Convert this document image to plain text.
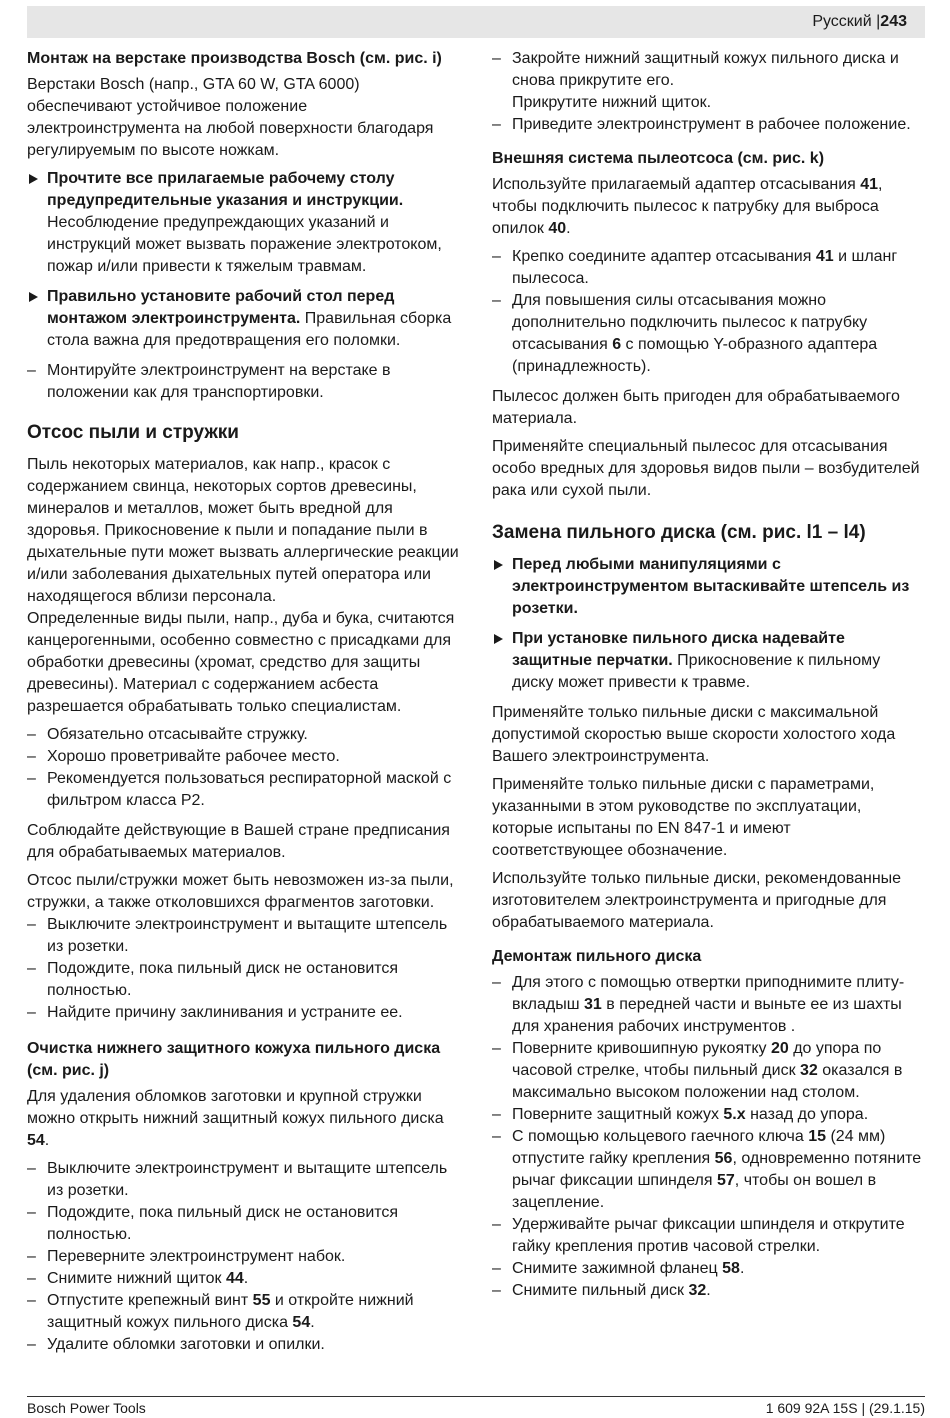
Русский |243

Монтаж на верстаке производства Bosch (см. рис. i)

Верстаки Bosch (напр., GTA 60 W, GTA 6000) обеспечивают устойчивое положение электроинструмента на любой поверхности благодаря регулируемым по высоте ножкам.

Прочтите все прилагаемые рабочему столу предупредительные указания и инструкции. Несоблюдение предупреждающих указаний и инструкций может вызвать поражение электротоком, пожар и/или привести к тяжелым травмам.
Правильно установите рабочий стол перед монтажом электроинструмента. Правильная сборка стола важна для предотвращения его поломки.
– Монтируйте электроинструмент на верстаке в положении как для транспортировки.
Отсос пыли и стружки

Пыль некоторых материалов, как напр., красок с содержанием свинца, некоторых сортов древесины, минералов и металлов, может быть вредной для здоровья. Прикосновение к пыли и попадание пыли в дыхательные пути может вызвать аллергические реакции и/или заболевания дыхательных путей оператора или находящегося вблизи персонала.

Определенные виды пыли, напр., дуба и бука, считаются канцерогенными, особенно совместно с присадками для обработки древесины (хромат, средство для защиты древесины). Материал с содержанием асбеста разрешается обрабатывать только специалистам.

– Обязательно отсасывайте стружку.
– Хорошо проветривайте рабочее место.
– Рекомендуется пользоваться респираторной маской с фильтром класса Р2.

Соблюдайте действующие в Вашей стране предписания для обрабатываемых материалов.

Отсос пыли/стружки может быть невозможен из-за пыли, стружки, а также отколовшихся фрагментов заготовки.

– Выключите электроинструмент и вытащите штепсель из розетки.
– Подождите, пока пильный диск не остановится полностью.
– Найдите причину заклинивания и устраните ее.

Очистка нижнего защитного кожуха пильного диска (см. рис. j)

Для удаления обломков заготовки и крупной стружки можно открыть нижний защитный кожух пильного диска 54.

– Выключите электроинструмент и вытащите штепсель из розетки.
– Подождите, пока пильный диск не остановится полностью.
– Переверните электроинструмент набок.
– Снимите нижний щиток 44.
– Отпустите крепежный винт 55 и откройте нижний защитный кожух пильного диска 54.
– Удалите обломки заготовки и опилки.
– Закройте нижний защитный кожух пильного диска и снова прикрутите его.
Прикрутите нижний щиток.
– Приведите электроинструмент в рабочее положение.

Внешняя система пылеотсоса (см. рис. k)

Используйте прилагаемый адаптер отсасывания 41, чтобы подключить пылесос к патрубку для выброса опилок 40.

– Крепко соедините адаптер отсасывания 41 и шланг пылесоса.
– Для повышения силы отсасывания можно дополнительно подключить пылесос к патрубку отсасывания 6 с помощью Y-образного адаптера (принадлежность).

Пылесос должен быть пригоден для обрабатываемого материала.

Применяйте специальный пылесос для отсасывания особо вредных для здоровья видов пыли – возбудителей рака или сухой пыли.

Замена пильного диска (см. рис. l1 – l4)
Перед любыми манипуляциями с электроинструментом вытаскивайте штепсель из розетки.
При установке пильного диска надевайте защитные перчатки. Прикосновение к пильному диску может привести к травме.

Применяйте только пильные диски с максимальной допустимой скоростью выше скорости холостого хода Вашего электроинструмента.

Применяйте только пильные диски с параметрами, указанными в этом руководстве по эксплуатации, которые испытаны по EN 847-1 и имеют соответствующее обозначение.

Используйте только пильные диски, рекомендованные изготовителем электроинструмента и пригодные для обрабатываемого материала.

Демонтаж пильного диска

– Для этого с помощью отвертки приподнимите плиту-вкладыш 31 в передней части и выньте ее из шахты для хранения рабочих инструментов .
– Поверните кривошипную рукоятку 20 до упора по часовой стрелке, чтобы пильный диск 32 оказался в максимально высоком положении над столом.
– Поверните защитный кожух 5.x назад до упора.
– С помощью кольцевого гаечного ключа 15 (24 мм) отпустите гайку крепления 56, одновременно потяните рычаг фиксации шпинделя 57, чтобы он вошел в зацепление.
– Удерживайте рычаг фиксации шпинделя и открутите гайку крепления против часовой стрелки.
– Снимите зажимной фланец 58.
– Снимите пильный диск 32.
Bosch Power Tools	1 609 92A 15S | (29.1.15)
